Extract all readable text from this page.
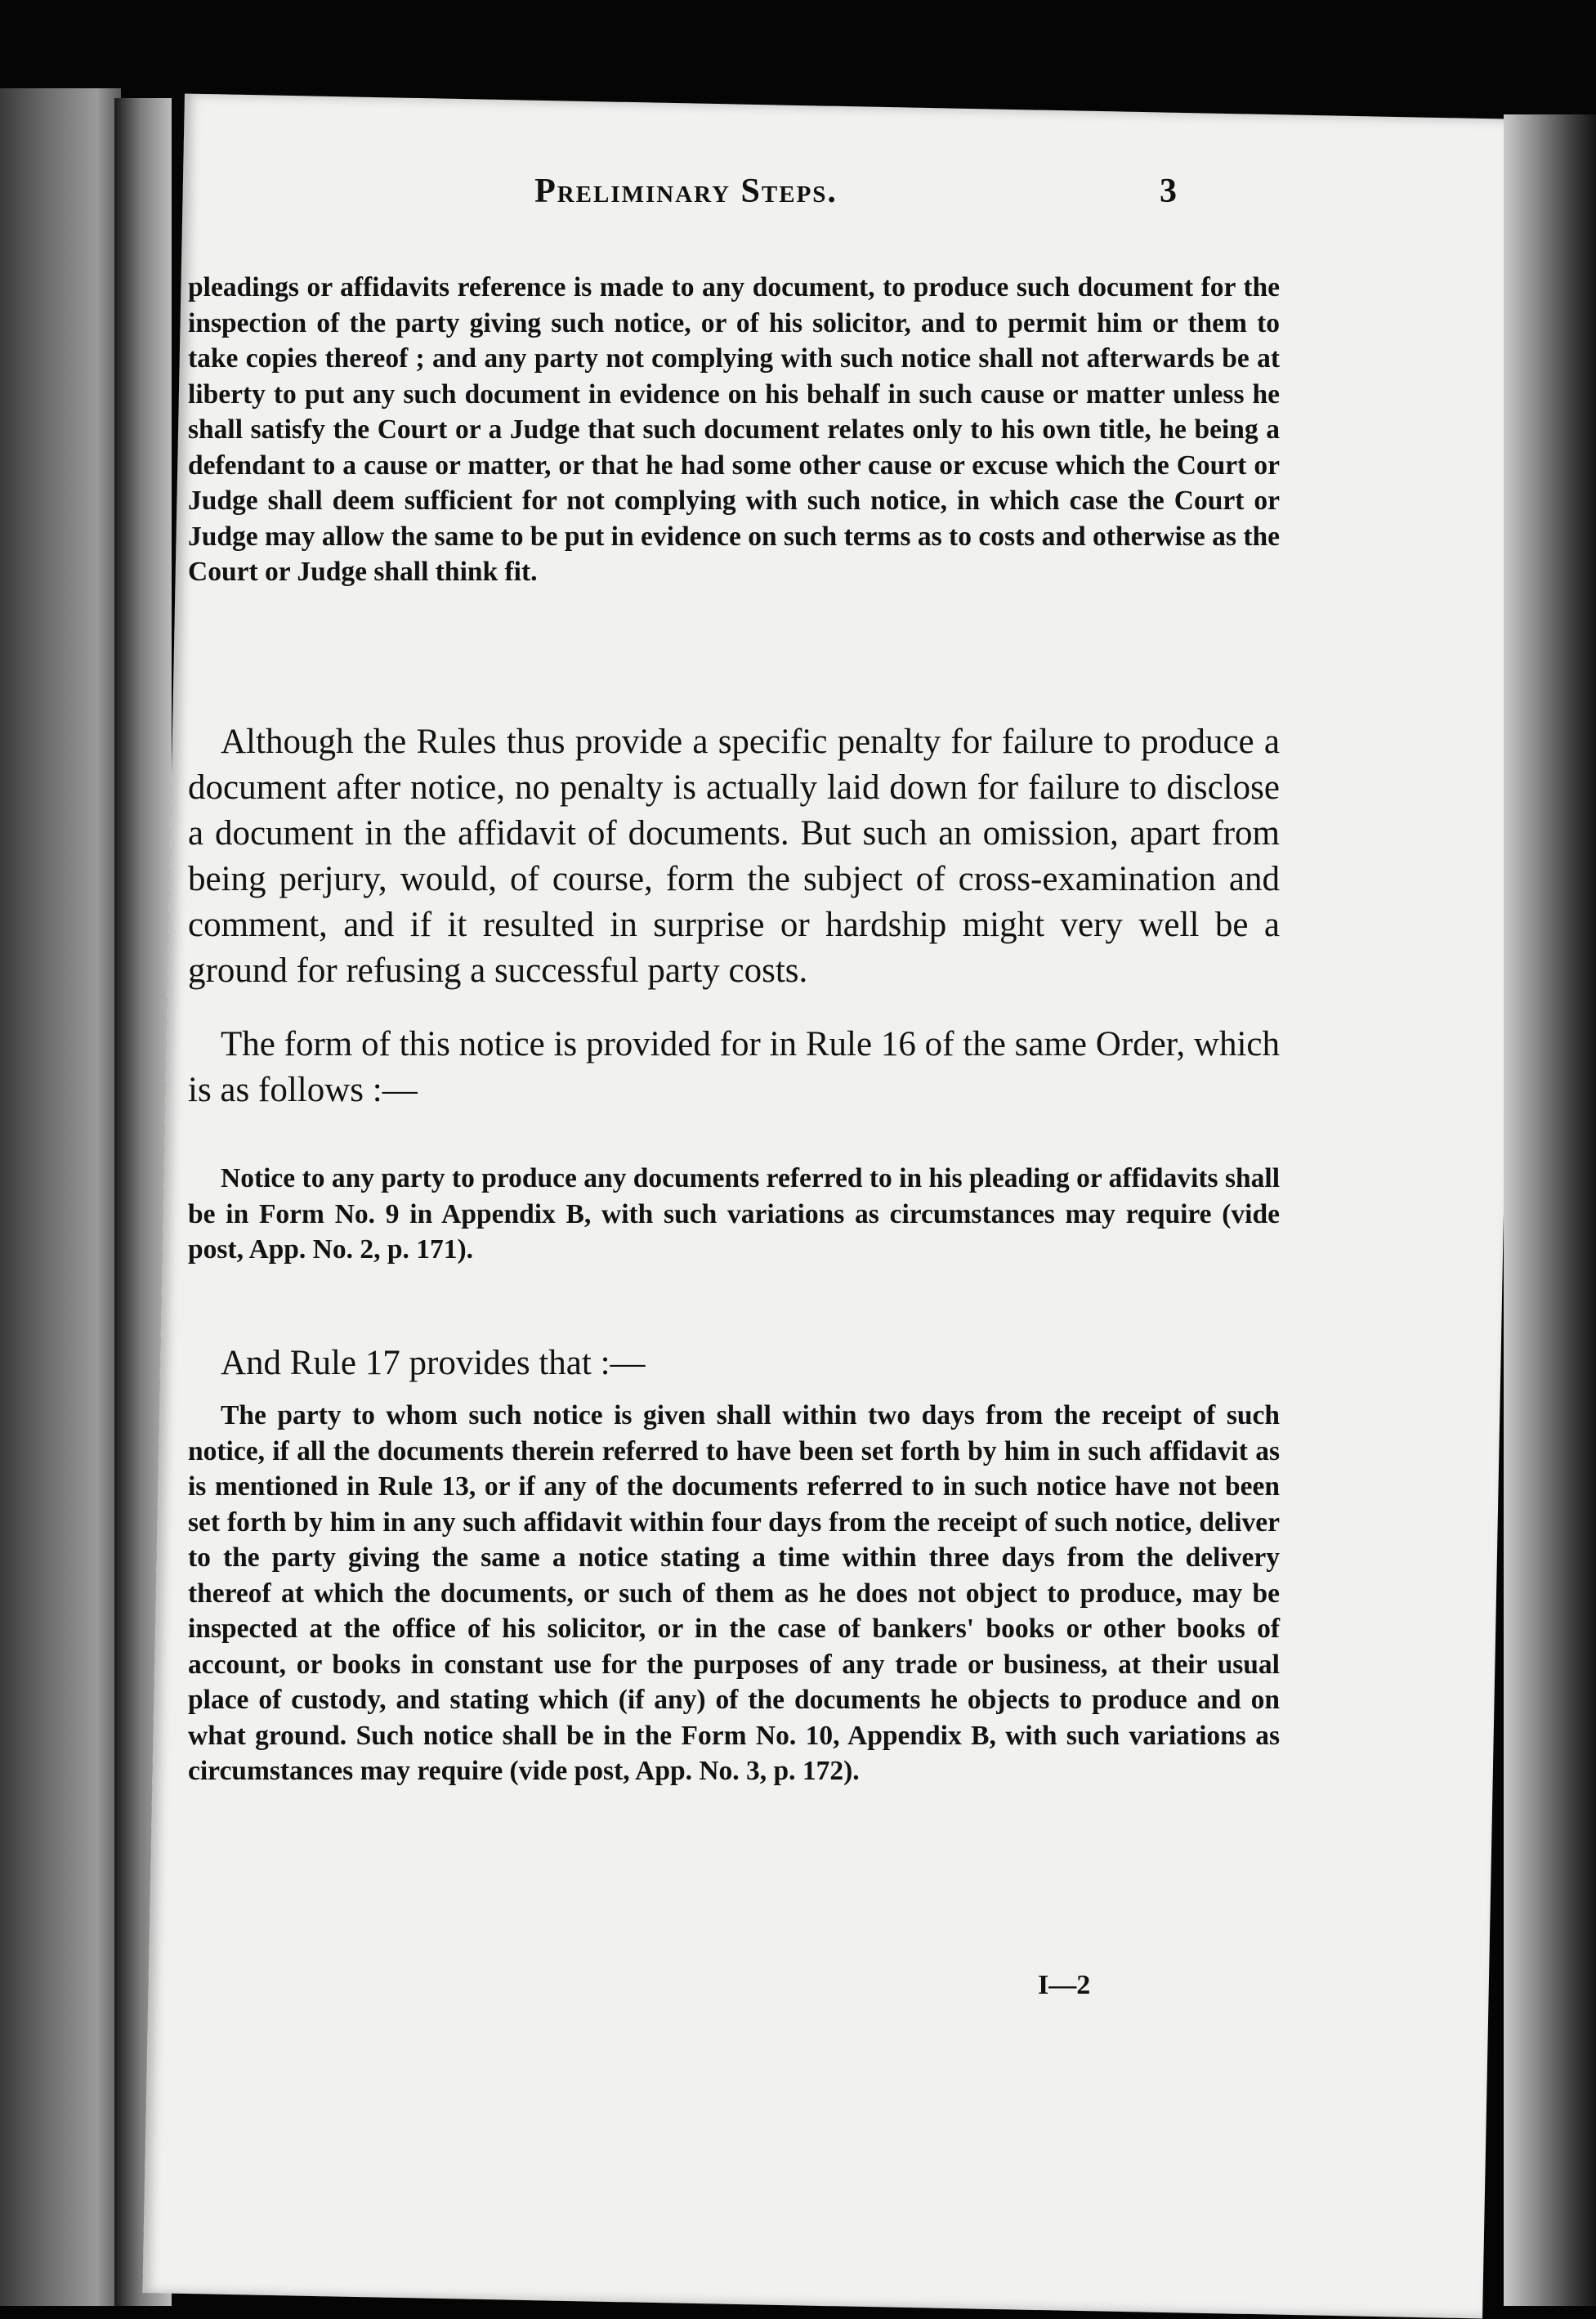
Preliminary Steps.	3

pleadings or affidavits reference is made to any document, to produce such document for the inspection of the party giving such notice, or of his solicitor, and to permit him or them to take copies thereof ; and any party not complying with such notice shall not afterwards be at liberty to put any such document in evidence on his behalf in such cause or matter unless he shall satisfy the Court or a Judge that such document relates only to his own title, he being a defendant to a cause or matter, or that he had some other cause or excuse which the Court or Judge shall deem sufficient for not complying with such notice, in which case the Court or Judge may allow the same to be put in evidence on such terms as to costs and otherwise as the Court or Judge shall think fit.

Although the Rules thus provide a specific penalty for failure to produce a document after notice, no penalty is actually laid down for failure to disclose a document in the affidavit of documents. But such an omission, apart from being perjury, would, of course, form the subject of cross-examination and comment, and if it resulted in surprise or hardship might very well be a ground for refusing a successful party costs.

The form of this notice is provided for in Rule 16 of the same Order, which is as follows :—

Notice to any party to produce any documents referred to in his pleading or affidavits shall be in Form No. 9 in Appendix B, with such variations as circumstances may require (vide post, App. No. 2, p. 171).

And Rule 17 provides that :—

The party to whom such notice is given shall within two days from the receipt of such notice, if all the documents therein referred to have been set forth by him in such affidavit as is mentioned in Rule 13, or if any of the documents referred to in such notice have not been set forth by him in any such affidavit within four days from the receipt of such notice, deliver to the party giving the same a notice stating a time within three days from the delivery thereof at which the documents, or such of them as he does not object to produce, may be inspected at the office of his solicitor, or in the case of bankers' books or other books of account, or books in constant use for the purposes of any trade or business, at their usual place of custody, and stating which (if any) of the documents he objects to produce and on what ground. Such notice shall be in the Form No. 10, Appendix B, with such variations as circumstances may require (vide post, App. No. 3, p. 172).

I—2
